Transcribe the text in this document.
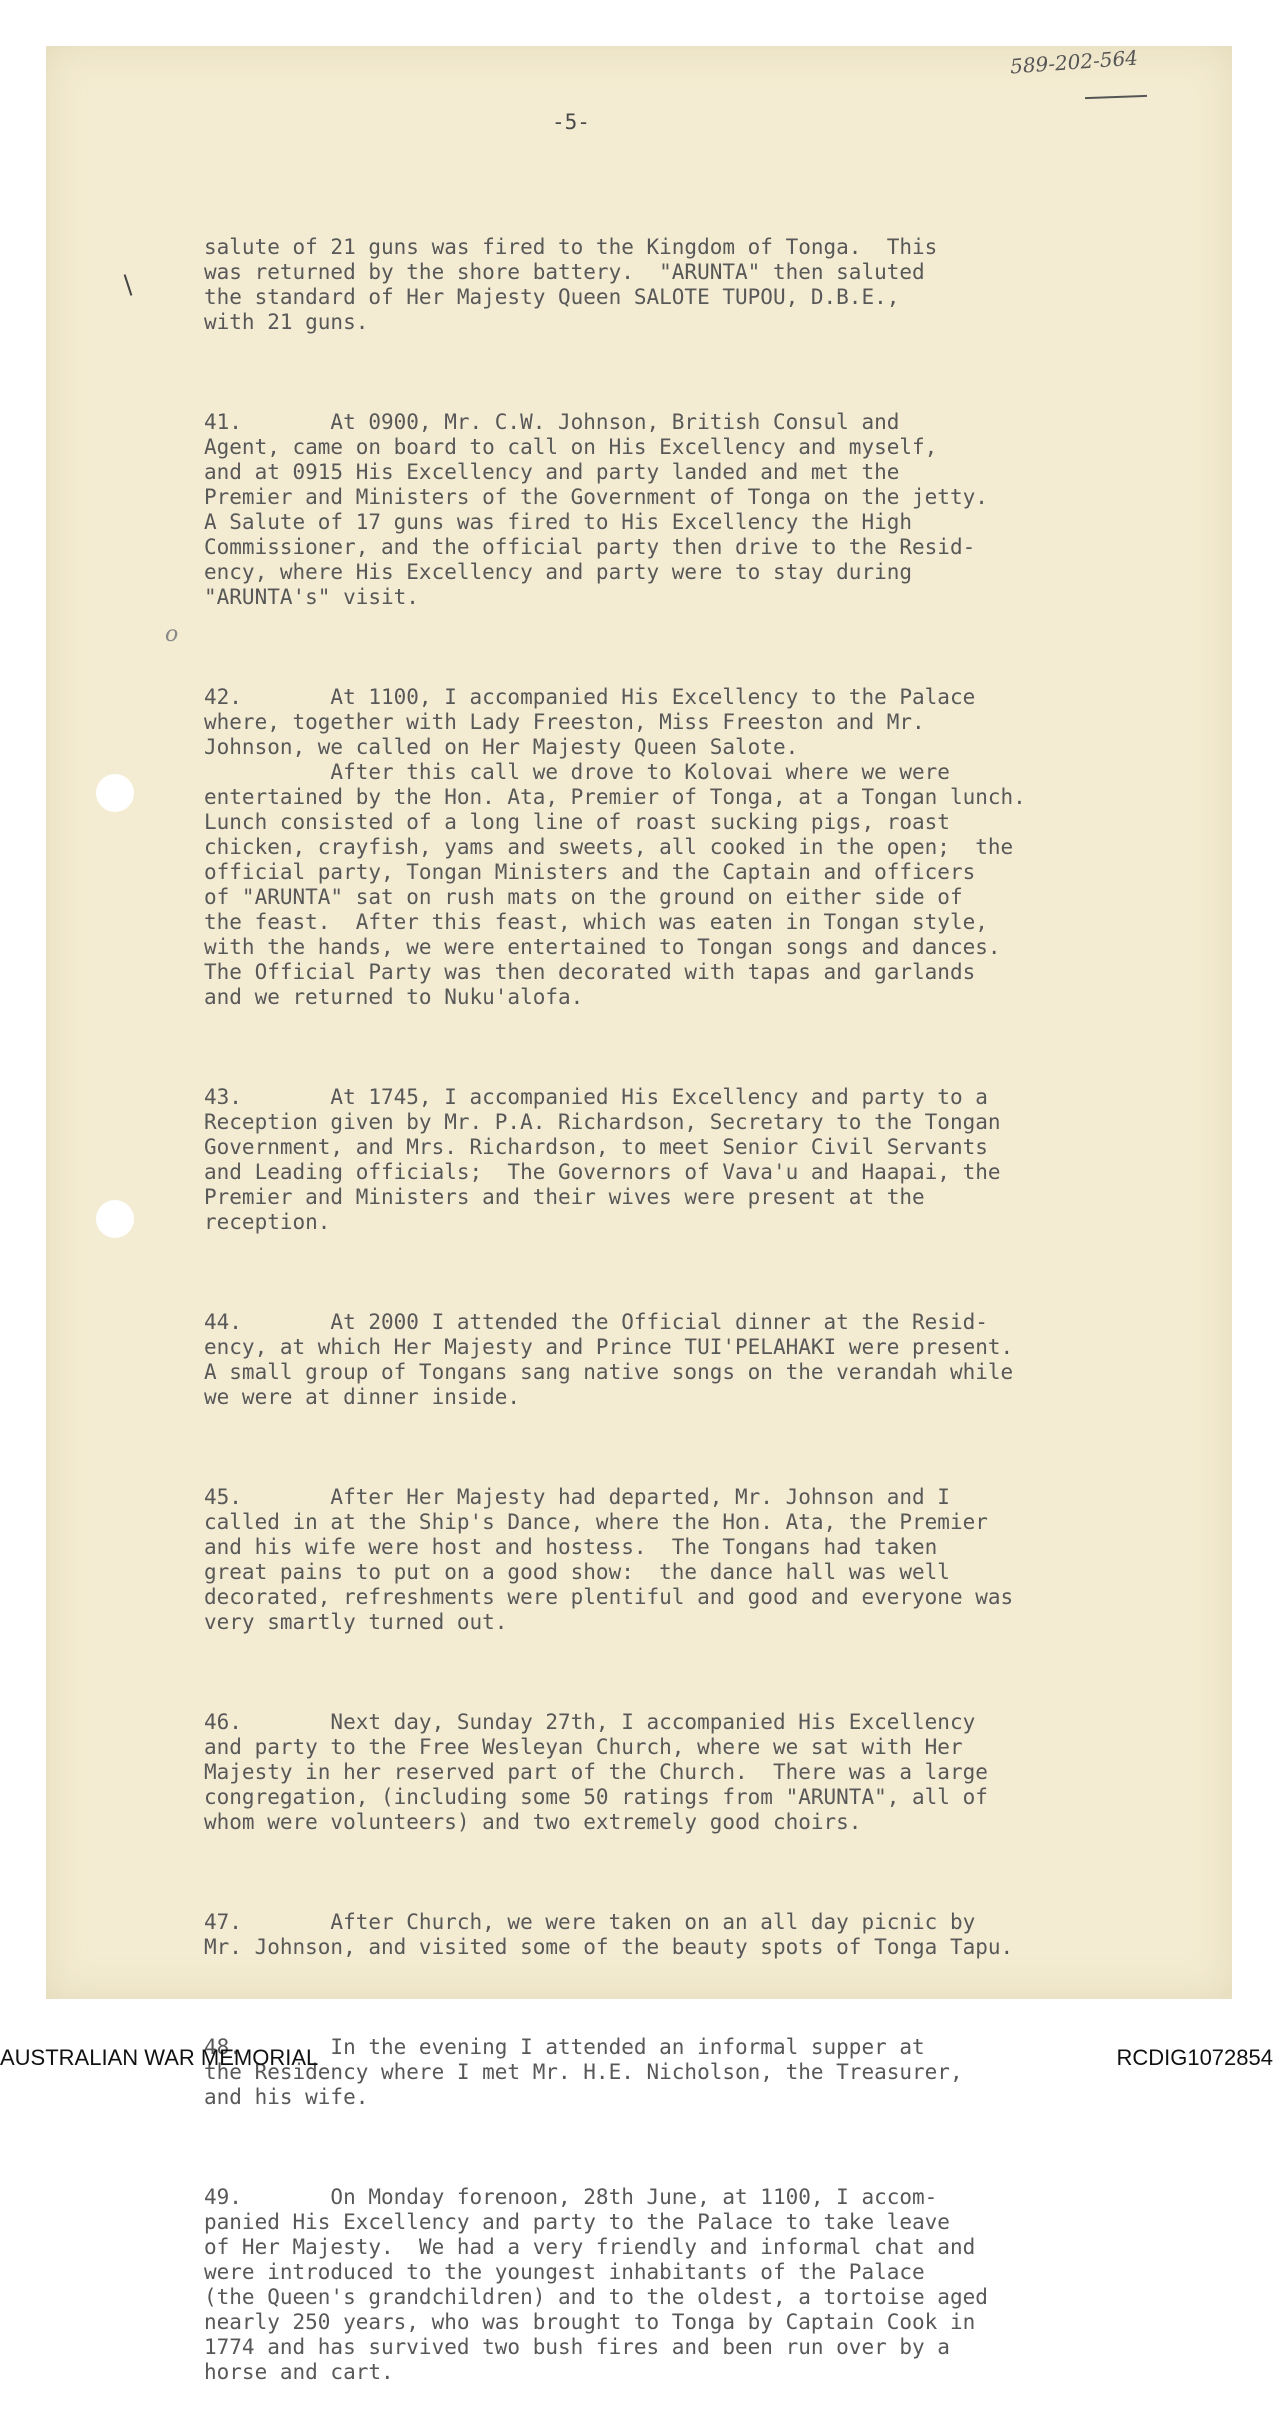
589-202-564
-5-
o

salute of 21 guns was fired to the Kingdom of Tonga.  This
was returned by the shore battery.  "ARUNTA" then saluted
the standard of Her Majesty Queen SALOTE TUPOU, D.B.E.,
with 21 guns.

41.       At 0900, Mr. C.W. Johnson, British Consul and
Agent, came on board to call on His Excellency and myself,
and at 0915 His Excellency and party landed and met the
Premier and Ministers of the Government of Tonga on the jetty.
A Salute of 17 guns was fired to His Excellency the High
Commissioner, and the official party then drive to the Resid-
ency, where His Excellency and party were to stay during
"ARUNTA's" visit.

42.       At 1100, I accompanied His Excellency to the Palace
where, together with Lady Freeston, Miss Freeston and Mr.
Johnson, we called on Her Majesty Queen Salote.
After this call we drove to Kolovai where we were
entertained by the Hon. Ata, Premier of Tonga, at a Tongan lunch.
Lunch consisted of a long line of roast sucking pigs, roast
chicken, crayfish, yams and sweets, all cooked in the open;  the
official party, Tongan Ministers and the Captain and officers
of "ARUNTA" sat on rush mats on the ground on either side of
the feast.  After this feast, which was eaten in Tongan style,
with the hands, we were entertained to Tongan songs and dances.
The Official Party was then decorated with tapas and garlands
and we returned to Nuku'alofa.

43.       At 1745, I accompanied His Excellency and party to a
Reception given by Mr. P.A. Richardson, Secretary to the Tongan
Government, and Mrs. Richardson, to meet Senior Civil Servants
and Leading officials;  The Governors of Vava'u and Haapai, the
Premier and Ministers and their wives were present at the
reception.

44.       At 2000 I attended the Official dinner at the Resid-
ency, at which Her Majesty and Prince TUI'PELAHAKI were present.
A small group of Tongans sang native songs on the verandah while
we were at dinner inside.

45.       After Her Majesty had departed, Mr. Johnson and I
called in at the Ship's Dance, where the Hon. Ata, the Premier
and his wife were host and hostess.  The Tongans had taken
great pains to put on a good show:  the dance hall was well
decorated, refreshments were plentiful and good and everyone was
very smartly turned out.

46.       Next day, Sunday 27th, I accompanied His Excellency
and party to the Free Wesleyan Church, where we sat with Her
Majesty in her reserved part of the Church.  There was a large
congregation, (including some 50 ratings from "ARUNTA", all of
whom were volunteers) and two extremely good choirs.

47.       After Church, we were taken on an all day picnic by
Mr. Johnson, and visited some of the beauty spots of Tonga Tapu.

48.       In the evening I attended an informal supper at
the Residency where I met Mr. H.E. Nicholson, the Treasurer,
and his wife.

49.       On Monday forenoon, 28th June, at 1100, I accom-
panied His Excellency and party to the Palace to take leave
of Her Majesty.  We had a very friendly and informal chat and
were introduced to the youngest inhabitants of the Palace
(the Queen's grandchildren) and to the oldest, a tortoise aged
nearly 250 years, who was brought to Tonga by Captain Cook in
1774 and has survived two bush fires and been run over by a
horse and cart.

AUSTRALIAN WAR MEMORIAL	RCDIG1072854
